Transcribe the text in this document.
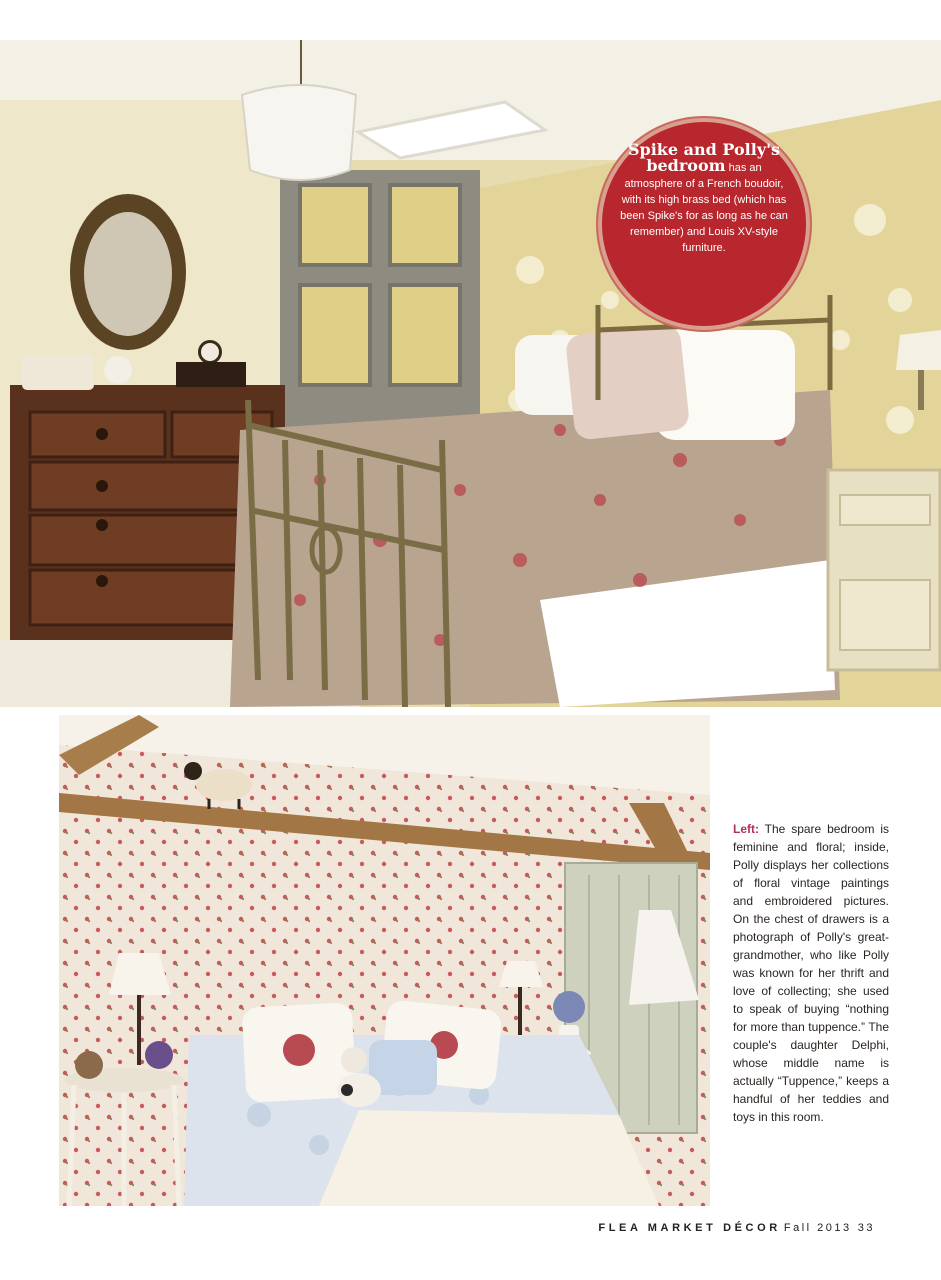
Spike and Polly's
bedroom has an atmosphere of a French boudoir, with its high brass bed (which has been Spike's for as long as he can remember) and Louis XV-style furniture.
Left: The spare bedroom is feminine and floral; inside, Polly displays her collections of floral vintage paintings and embroidered pictures. On the chest of drawers is a photograph of Polly's great-grandmother, who like Polly was known for her thrift and love of collecting; she used to speak of buying “nothing for more than tuppence.” The couple's daughter Delphi, whose middle name is actually “Tuppence,” keeps a handful of her teddies and toys in this room.
FLEA MARKET DÉCOR Fall 2013 33
